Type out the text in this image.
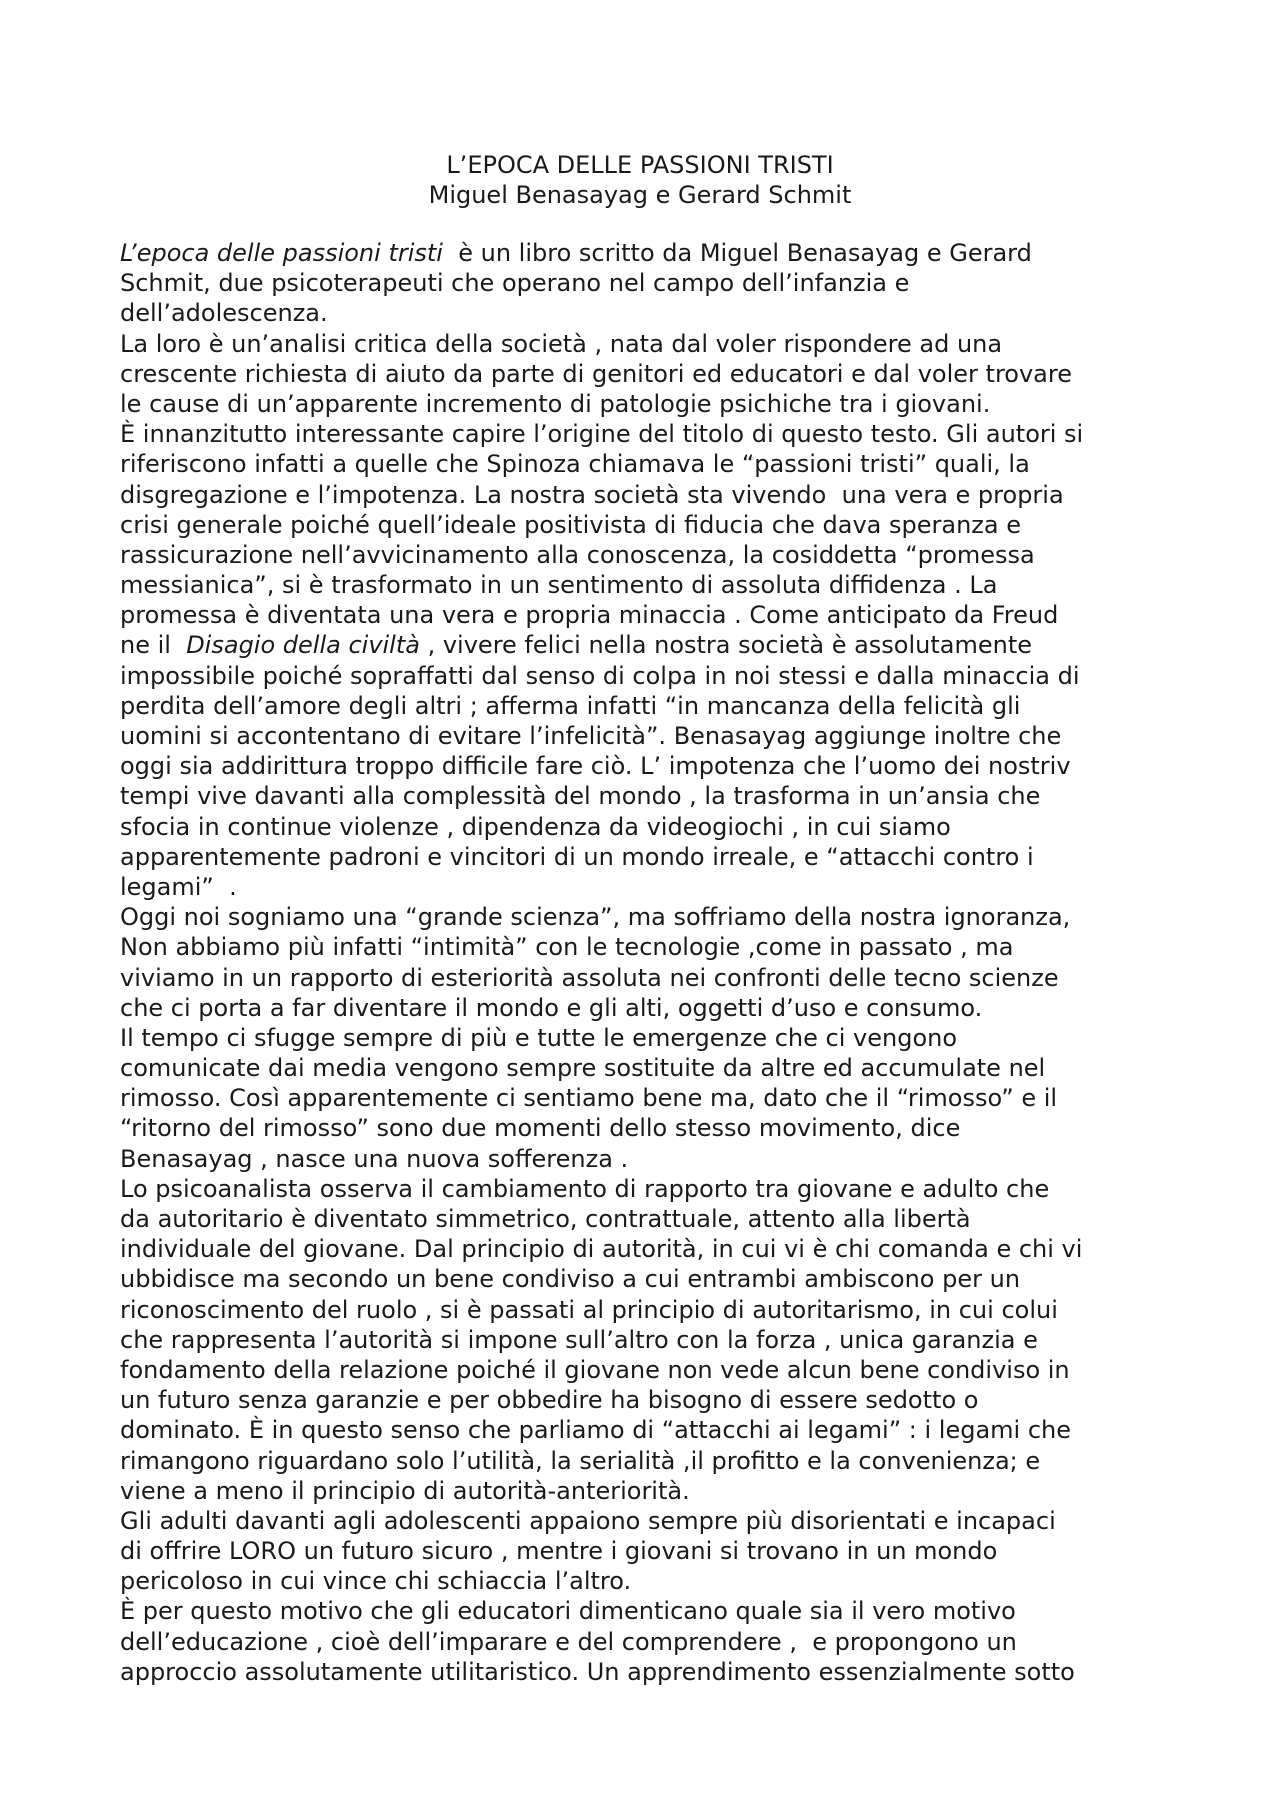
L’EPOCA DELLE PASSIONI TRISTI
Miguel Benasayag e Gerard Schmit
L’epoca delle passioni tristi  è un libro scritto da Miguel Benasayag e Gerard
Schmit, due psicoterapeuti che operano nel campo dell’infanzia e
dell’adolescenza.
La loro è un’analisi critica della società , nata dal voler rispondere ad una
crescente richiesta di aiuto da parte di genitori ed educatori e dal voler trovare
le cause di un’apparente incremento di patologie psichiche tra i giovani.
È innanzitutto interessante capire l’origine del titolo di questo testo. Gli autori si
riferiscono infatti a quelle che Spinoza chiamava le “passioni tristi” quali, la
disgregazione e l’impotenza. La nostra società sta vivendo  una vera e propria
crisi generale poiché quell’ideale positivista di fiducia che dava speranza e
rassicurazione nell’avvicinamento alla conoscenza, la cosiddetta “promessa
messianica”, si è trasformato in un sentimento di assoluta diffidenza . La
promessa è diventata una vera e propria minaccia . Come anticipato da Freud
ne il  Disagio della civiltà , vivere felici nella nostra società è assolutamente
impossibile poiché sopraffatti dal senso di colpa in noi stessi e dalla minaccia di
perdita dell’amore degli altri ; afferma infatti “in mancanza della felicità gli
uomini si accontentano di evitare l’infelicità”. Benasayag aggiunge inoltre che
oggi sia addirittura troppo difficile fare ciò. L’ impotenza che l’uomo dei nostriv
tempi vive davanti alla complessità del mondo , la trasforma in un’ansia che
sfocia in continue violenze , dipendenza da videogiochi , in cui siamo
apparentemente padroni e vincitori di un mondo irreale, e “attacchi contro i
legami”  .
Oggi noi sogniamo una “grande scienza”, ma soffriamo della nostra ignoranza,
Non abbiamo più infatti “intimità” con le tecnologie ,come in passato , ma
viviamo in un rapporto di esteriorità assoluta nei confronti delle tecno scienze
che ci porta a far diventare il mondo e gli alti, oggetti d’uso e consumo.
Il tempo ci sfugge sempre di più e tutte le emergenze che ci vengono
comunicate dai media vengono sempre sostituite da altre ed accumulate nel
rimosso. Così apparentemente ci sentiamo bene ma, dato che il “rimosso” e il
“ritorno del rimosso” sono due momenti dello stesso movimento, dice
Benasayag , nasce una nuova sofferenza .
Lo psicoanalista osserva il cambiamento di rapporto tra giovane e adulto che
da autoritario è diventato simmetrico, contrattuale, attento alla libertà
individuale del giovane. Dal principio di autorità, in cui vi è chi comanda e chi vi
ubbidisce ma secondo un bene condiviso a cui entrambi ambiscono per un
riconoscimento del ruolo , si è passati al principio di autoritarismo, in cui colui
che rappresenta l’autorità si impone sull’altro con la forza , unica garanzia e
fondamento della relazione poiché il giovane non vede alcun bene condiviso in
un futuro senza garanzie e per obbedire ha bisogno di essere sedotto o
dominato. È in questo senso che parliamo di “attacchi ai legami” : i legami che
rimangono riguardano solo l’utilità, la serialità ,il profitto e la convenienza; e
viene a meno il principio di autorità-anteriorità.
Gli adulti davanti agli adolescenti appaiono sempre più disorientati e incapaci
di offrire LORO un futuro sicuro , mentre i giovani si trovano in un mondo
pericoloso in cui vince chi schiaccia l’altro.
È per questo motivo che gli educatori dimenticano quale sia il vero motivo
dell’educazione , cioè dell’imparare e del comprendere ,  e propongono un
approccio assolutamente utilitaristico. Un apprendimento essenzialmente sotto
